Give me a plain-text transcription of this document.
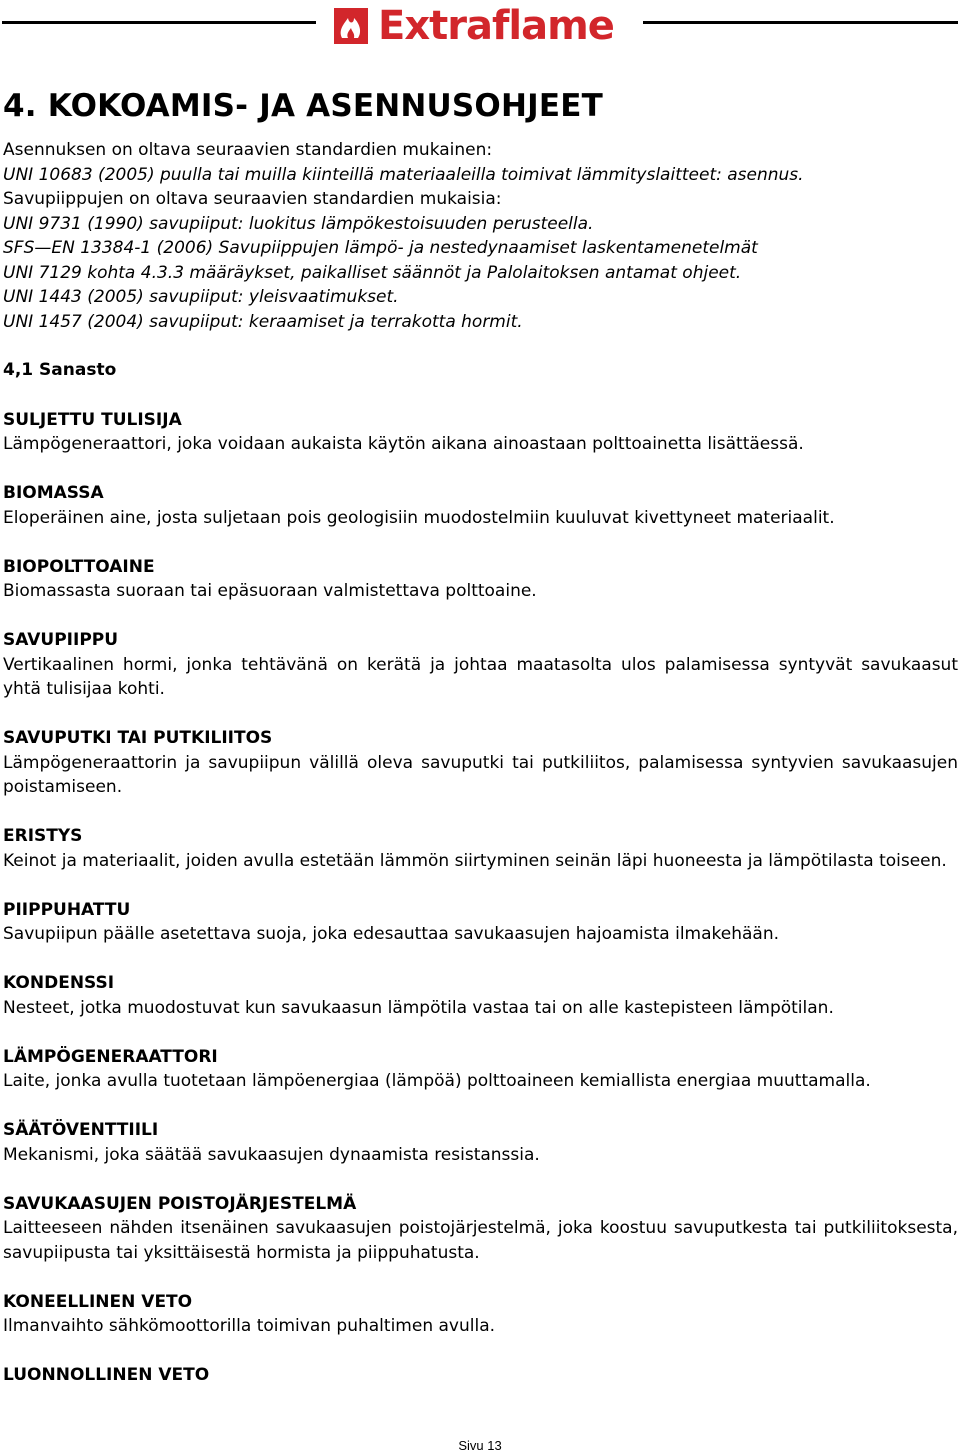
Extraflame
4. KOKOAMIS- JA ASENNUSOHJEET

Asennuksen on oltava seuraavien standardien mukainen:

UNI 10683 (2005) puulla tai muilla kiinteillä materiaaleilla toimivat lämmityslaitteet: asennus.

Savupiippujen on oltava seuraavien standardien mukaisia:

UNI 9731 (1990) savupiiput: luokitus lämpökestoisuuden perusteella.

SFS—EN 13384-1 (2006) Savupiippujen lämpö- ja nestedynaamiset laskentamenetelmät

UNI 7129 kohta 4.3.3 määräykset, paikalliset säännöt ja Palolaitoksen antamat ohjeet.

UNI 1443 (2005) savupiiput: yleisvaatimukset.

UNI 1457 (2004) savupiiput: keraamiset ja terrakotta hormit.

4,1 Sanasto
SULJETTU TULISIJA
Lämpögeneraattori, joka voidaan aukaista käytön aikana ainoastaan polttoainetta lisättäessä.
BIOMASSA
Eloperäinen aine, josta suljetaan pois geologisiin muodostelmiin kuuluvat kivettyneet materiaalit.
BIOPOLTTOAINE
Biomassasta suoraan tai epäsuoraan valmistettava polttoaine.
SAVUPIIPPU
Vertikaalinen hormi, jonka tehtävänä on kerätä ja johtaa maatasolta ulos palamisessa syntyvät savukaasut yhtä tulisijaa kohti.
SAVUPUTKI TAI PUTKILIITOS
Lämpögeneraattorin ja savupiipun välillä oleva savuputki tai putkiliitos, palamisessa syntyvien savukaasujen poistamiseen.
ERISTYS
Keinot ja materiaalit, joiden avulla estetään lämmön siirtyminen seinän läpi huoneesta ja lämpötilasta toiseen.
PIIPPUHATTU
Savupiipun päälle asetettava suoja, joka edesauttaa savukaasujen hajoamista ilmakehään.
KONDENSSI
Nesteet, jotka muodostuvat kun savukaasun lämpötila vastaa tai on alle kastepisteen lämpötilan.
LÄMPÖGENERAATTORI
Laite, jonka avulla tuotetaan lämpöenergiaa (lämpöä) polttoaineen kemiallista energiaa muuttamalla.
SÄÄTÖVENTTIILI
Mekanismi, joka säätää savukaasujen dynaamista resistanssia.
SAVUKAASUJEN POISTOJÄRJESTELMÄ
Laitteeseen nähden itsenäinen savukaasujen poistojärjestelmä, joka koostuu savuputkesta tai putkiliitoksesta, savupiipusta tai yksittäisestä hormista ja piippuhatusta.
KONEELLINEN VETO
Ilmanvaihto sähkömoottorilla toimivan puhaltimen avulla.
LUONNOLLINEN VETO
Sivu 13
